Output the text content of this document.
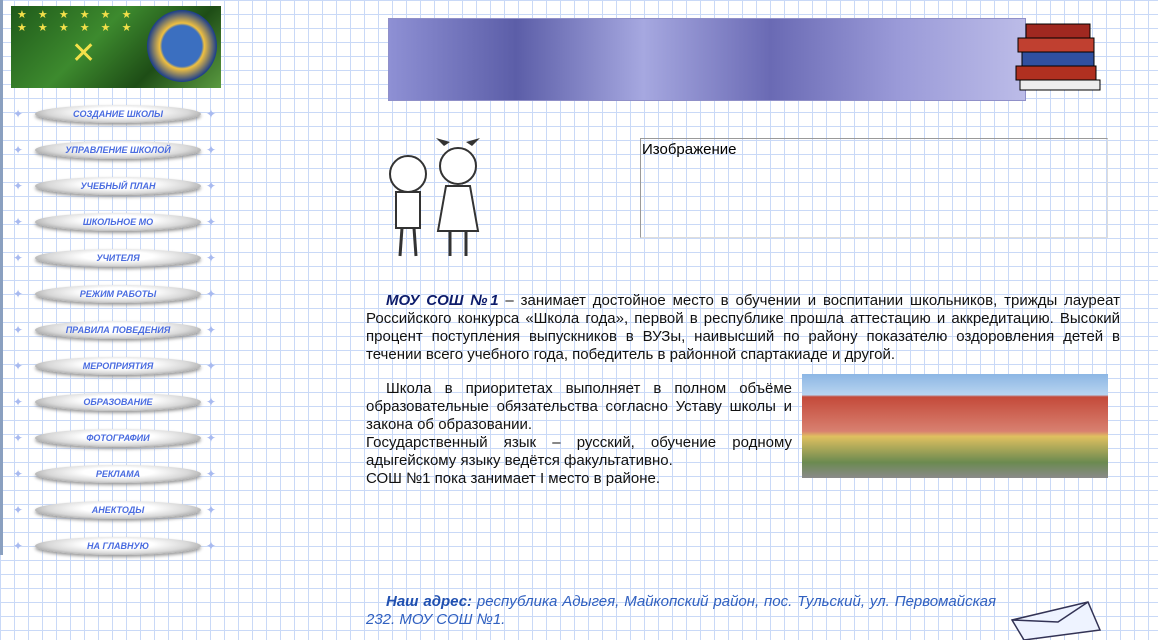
★ ★ ★ ★ ★ ★ ★ ★ ★ ★ ★ ★
✕
✦	СОЗДАНИЕ ШКОЛЫ	✦
✦	УПРАВЛЕНИЕ ШКОЛОЙ	✦
✦	УЧЕБНЫЙ ПЛАН	✦
✦	ШКОЛЬНОЕ МО	✦
✦	УЧИТЕЛЯ	✦
✦	РЕЖИМ РАБОТЫ	✦
✦	ПРАВИЛА ПОВЕДЕНИЯ	✦
✦	МЕРОПРИЯТИЯ	✦
✦	ОБРАЗОВАНИЕ	✦
✦	ФОТОГРАФИИ	✦
✦	РЕКЛАМА	✦
✦	АНЕКТОДЫ	✦
✦	НА ГЛАВНУЮ	✦
Изображение

МОУ СОШ №1 – занимает достойное место в обучении и воспитании школьников, трижды лауреат Российского конкурса «Школа года», первой в республике прошла аттестацию и аккредитацию. Высокий процент поступления выпускников в ВУЗы, наивысший по району показателю оздоровления детей в течении всего учебного года, победитель в районной спартакиаде и другой.

Школа в приоритетах выполняет в полном объёме образовательные обязательства согласно Уставу школы и закона об образовании.
Государственный язык – русский, обучение родному адыгейскому языку ведётся факультативно.
СОШ №1 пока занимает I место в районе.

Наш адрес: республика Адыгея, Майкопский район, пос. Тульский, ул. Первомайская 232. МОУ СОШ №1.
